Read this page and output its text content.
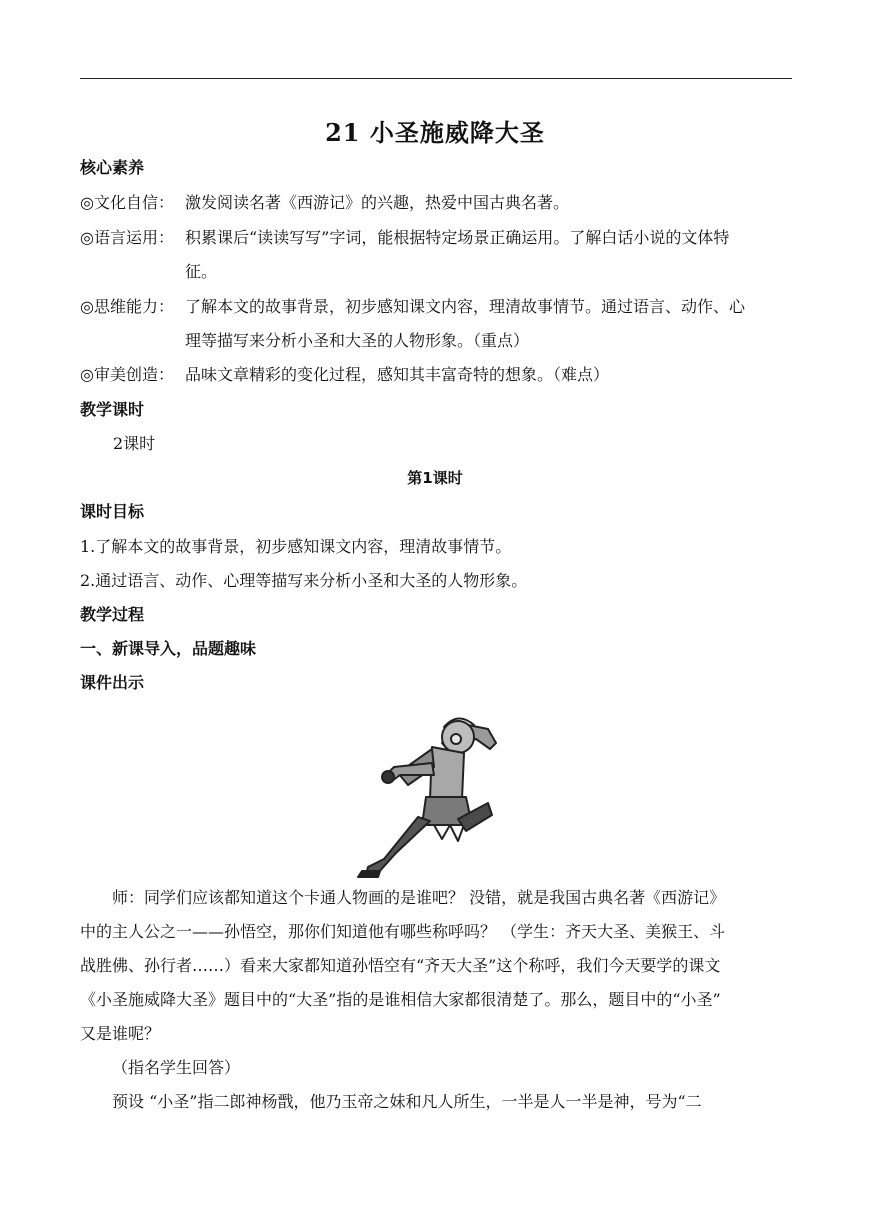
21 小圣施威降大圣
核心素养
◎文化自信： 激发阅读名著《西游记》的兴趣，热爱中国古典名著。
◎语言运用： 积累课后“读读写写”字词，能根据特定场景正确运用。了解白话小说的文体特
征。
◎思维能力： 了解本文的故事背景，初步感知课文内容，理清故事情节。通过语言、动作、心
理等描写来分析小圣和大圣的人物形象。（重点）
◎审美创造： 品味文章精彩的变化过程，感知其丰富奇特的想象。（难点）
教学课时
2课时
第1课时
课时目标
1.了解本文的故事背景，初步感知课文内容，理清故事情节。
2.通过语言、动作、心理等描写来分析小圣和大圣的人物形象。
教学过程
一、新课导入，品题趣味
课件出示
师：同学们应该都知道这个卡通人物画的是谁吧？ 没错，就是我国古典名著《西游记》
中的主人公之一——孙悟空，那你们知道他有哪些称呼吗？ （学生：齐天大圣、美猴王、斗
战胜佛、孙行者……）看来大家都知道孙悟空有“齐天大圣”这个称呼，我们今天要学的课文
《小圣施威降大圣》题目中的“大圣”指的是谁相信大家都很清楚了。那么，题目中的“小圣”
又是谁呢？
（指名学生回答）
预设 “小圣”指二郎神杨戬，他乃玉帝之妹和凡人所生，一半是人一半是神，号为“二
